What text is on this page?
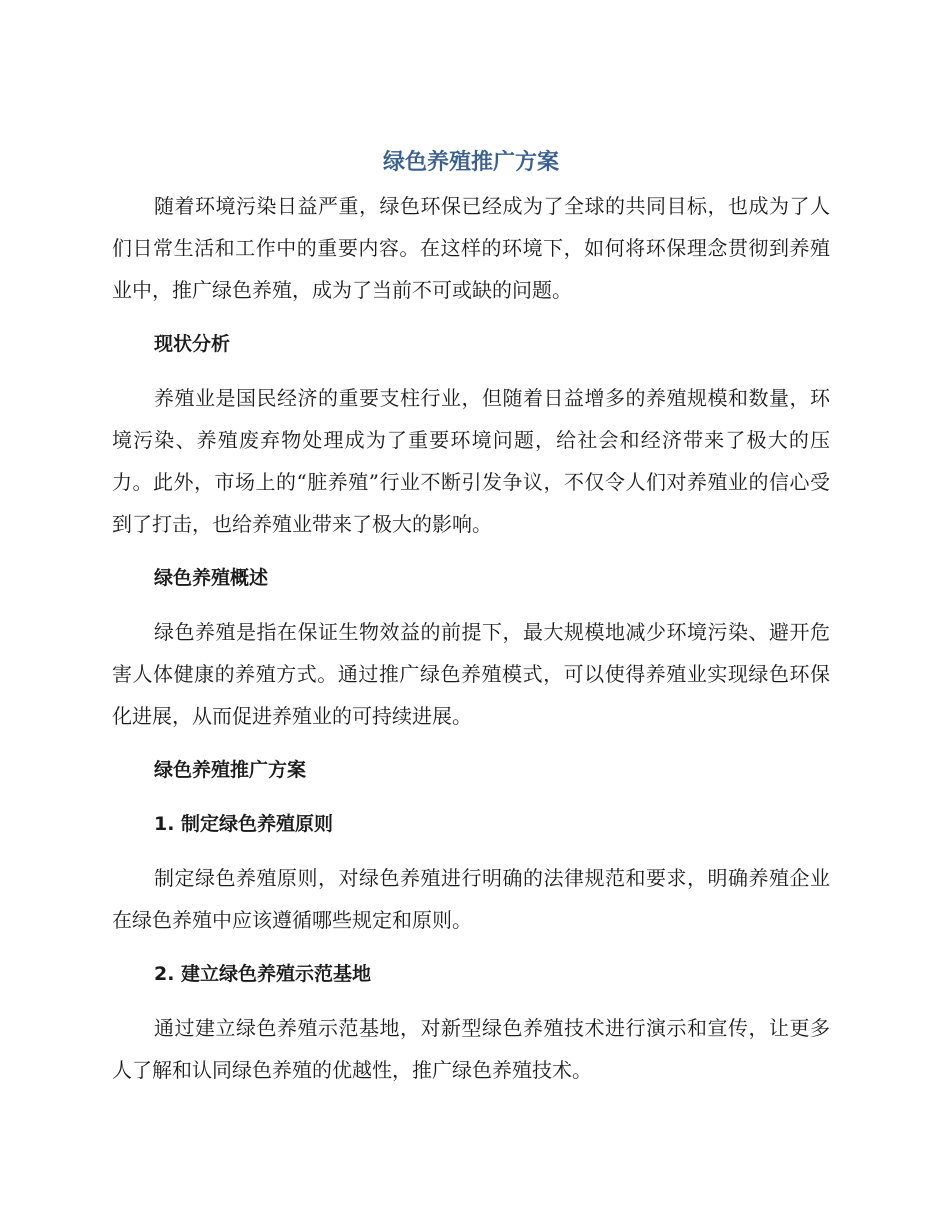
绿色养殖推广方案

随着环境污染日益严重，绿色环保已经成为了全球的共同目标，也成为了人们日常生活和工作中的重要内容。在这样的环境下，如何将环保理念贯彻到养殖业中，推广绿色养殖，成为了当前不可或缺的问题。

现状分析

养殖业是国民经济的重要支柱行业，但随着日益增多的养殖规模和数量，环境污染、养殖废弃物处理成为了重要环境问题，给社会和经济带来了极大的压力。此外，市场上的“脏养殖”行业不断引发争议，不仅令人们对养殖业的信心受到了打击，也给养殖业带来了极大的影响。

绿色养殖概述

绿色养殖是指在保证生物效益的前提下，最大规模地减少环境污染、避开危害人体健康的养殖方式。通过推广绿色养殖模式，可以使得养殖业实现绿色环保化进展，从而促进养殖业的可持续进展。

绿色养殖推广方案
1. 制定绿色养殖原则

制定绿色养殖原则，对绿色养殖进行明确的法律规范和要求，明确养殖企业在绿色养殖中应该遵循哪些规定和原则。

2. 建立绿色养殖示范基地

通过建立绿色养殖示范基地，对新型绿色养殖技术进行演示和宣传，让更多人了解和认同绿色养殖的优越性，推广绿色养殖技术。
